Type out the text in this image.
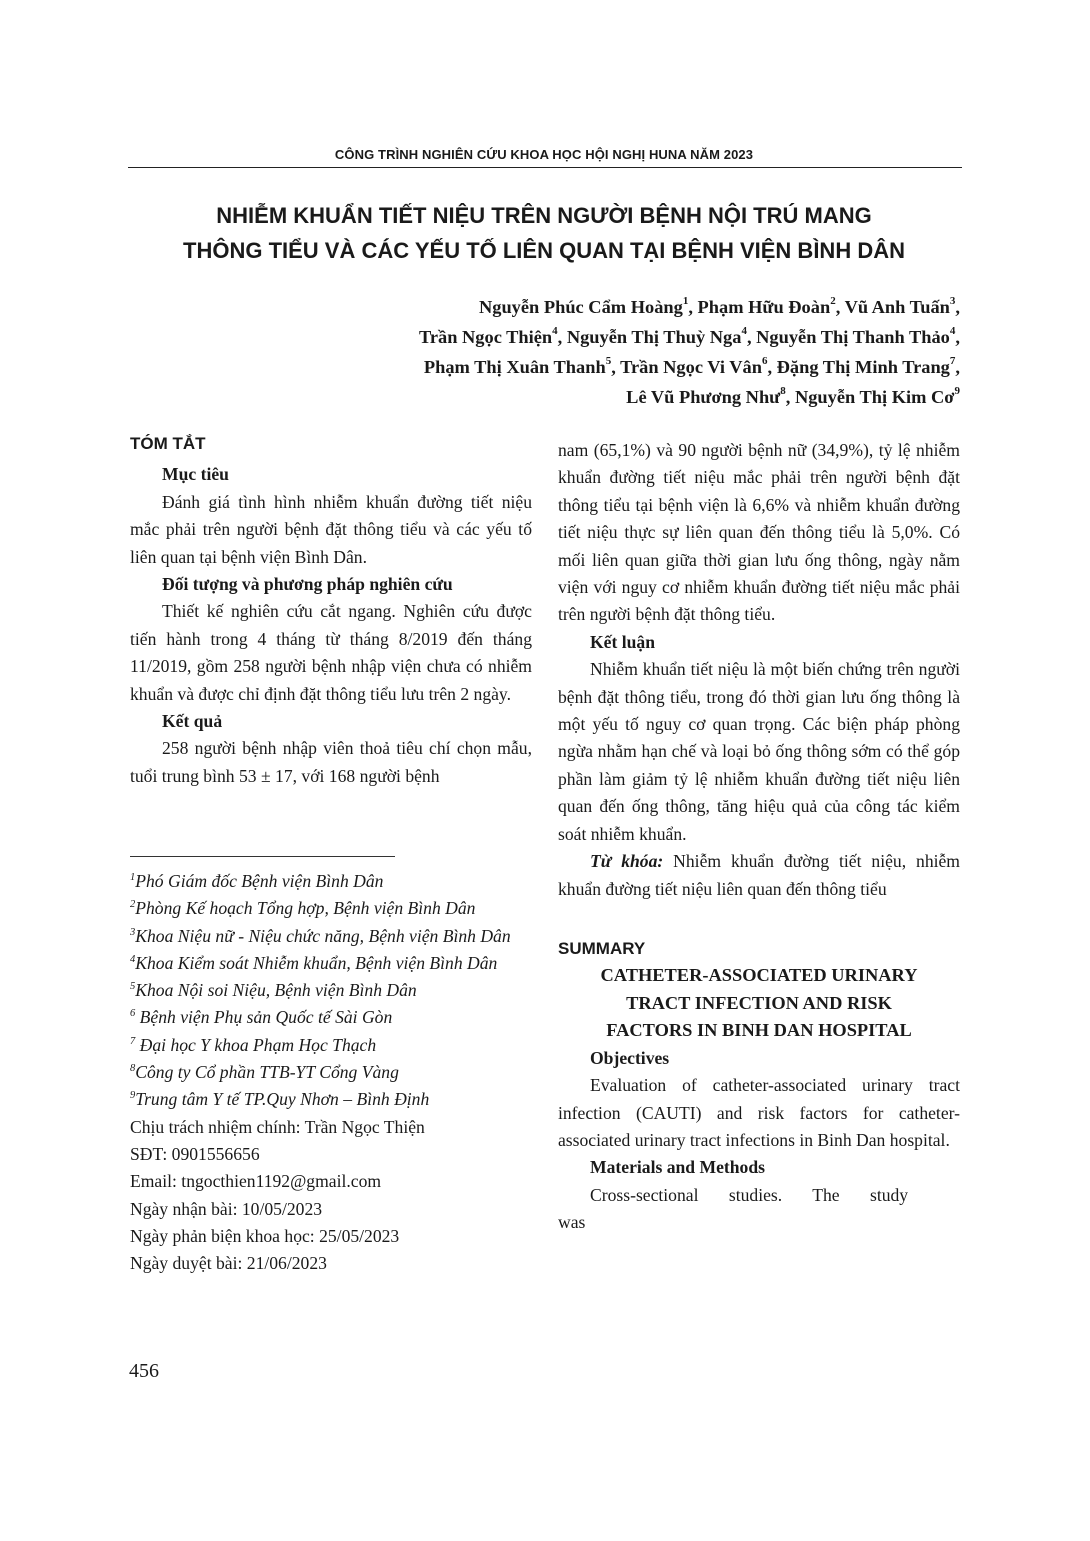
CÔNG TRÌNH NGHIÊN CỨU KHOA HỌC HỘI NGHỊ HUNA NĂM 2023
NHIỄM KHUẨN TIẾT NIỆU TRÊN NGƯỜI BỆNH NỘI TRÚ MANG
THÔNG TIỂU VÀ CÁC YẾU TỐ LIÊN QUAN TẠI BỆNH VIỆN BÌNH DÂN
Nguyễn Phúc Cẩm Hoàng$^1$, Phạm Hữu Đoàn$^2$, Vũ Anh Tuấn$^3$,
Trần Ngọc Thiện$^4$, Nguyễn Thị Thuỳ Nga$^4$, Nguyễn Thị Thanh Thảo$^4$,
Phạm Thị Xuân Thanh$^5$, Trần Ngọc Vi Vân$^6$, Đặng Thị Minh Trang$^7$,
Lê Vũ Phương Như$^8$, Nguyễn Thị Kim $Cơ^9$
TÓM TẮT

Mục tiêu

Đánh giá tình hình nhiễm khuẩn đường tiết niệu mắc phải trên người bệnh đặt thông tiểu và các yếu tố liên quan tại bệnh viện Bình Dân.

Đối tượng và phương pháp nghiên cứu

Thiết kế nghiên cứu cắt ngang. Nghiên cứu được tiến hành trong 4 tháng từ tháng 8/2019 đến tháng 11/2019, gồm 258 người bệnh nhập viện chưa có nhiễm khuẩn và được chỉ định đặt thông tiểu lưu trên 2 ngày.

Kết quả

258 người bệnh nhập viên thoả tiêu chí chọn mẫu, tuổi trung bình 53 ± 17, với 168 người bệnh

$^1$Phó Giám đốc Bệnh viện Bình Dân
$^2$Phòng Kế hoạch Tổng hợp, Bệnh viện Bình Dân
$^3$Khoa Niệu nữ - Niệu chức năng, Bệnh viện Bình Dân
$^4$Khoa Kiểm soát Nhiễm khuẩn, Bệnh viện Bình Dân
$^5$Khoa Nội soi Niệu, Bệnh viện Bình Dân
$^6$ Bệnh viện Phụ sản Quốc tế Sài Gòn
$^7$ Đại học Y khoa Phạm Học Thạch
$^8$Công ty Cổ phần TTB-YT Cổng Vàng
$^9$Trung tâm Y tế TP.Quy Nhơn – Bình Định
Chịu trách nhiệm chính: Trần Ngọc Thiện
SĐT: 0901556656
Email: tngocthien1192@gmail.com
Ngày nhận bài: 10/05/2023
Ngày phản biện khoa học: 25/05/2023
Ngày duyệt bài: 21/06/2023

nam (65,1%) và 90 người bệnh nữ (34,9%), tỷ lệ nhiễm khuẩn đường tiết niệu mắc phải trên người bệnh đặt thông tiểu tại bệnh viện là 6,6% và nhiễm khuẩn đường tiết niệu thực sự liên quan đến thông tiểu là 5,0%. Có mối liên quan giữa thời gian lưu ống thông, ngày nằm viện với nguy cơ nhiễm khuẩn đường tiết niệu mắc phải trên người bệnh đặt thông tiểu.

Kết luận

Nhiễm khuẩn tiết niệu là một biến chứng trên người bệnh đặt thông tiểu, trong đó thời gian lưu ống thông là một yếu tố nguy cơ quan trọng. Các biện pháp phòng ngừa nhằm hạn chế và loại bỏ ống thông sớm có thể góp phần làm giảm tỷ lệ nhiễm khuẩn đường tiết niệu liên quan đến ống thông, tăng hiệu quả của công tác kiểm soát nhiễm khuẩn.

Từ khóa: Nhiễm khuẩn đường tiết niệu, nhiễm khuẩn đường tiết niệu liên quan đến thông tiểu

SUMMARY
CATHETER-ASSOCIATED URINARY
TRACT INFECTION AND RISK
FACTORS IN BINH DAN HOSPITAL

Objectives

Evaluation of catheter-associated urinary tract infection (CAUTI) and risk factors for catheter-associated urinary tract infections in Binh Dan hospital.

Materials and Methods

Cross-sectional studies. The study was

456
